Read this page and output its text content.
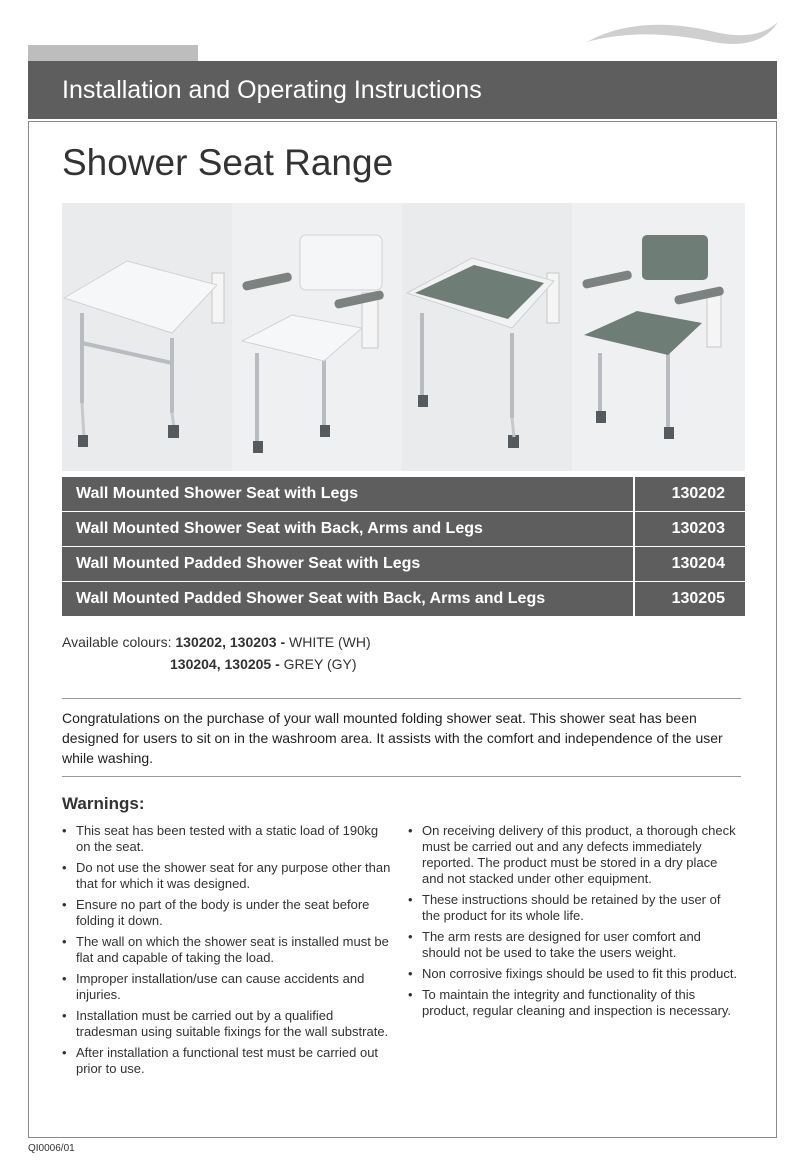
Installation and Operating Instructions
Shower Seat Range
Wall Mounted Shower Seat with Legs	130202
Wall Mounted Shower Seat with Back, Arms and Legs	130203
Wall Mounted Padded Shower Seat with Legs	130204
Wall Mounted Padded Shower Seat with Back, Arms and Legs	130205
Available colours: 130202, 130203 - WHITE (WH)
130204, 130205 - GREY (GY)
Congratulations on the purchase of your wall mounted folding shower seat. This shower seat has been designed for users to sit on in the washroom area. It assists with the comfort and independence of the user while washing.
Warnings:
• This seat has been tested with a static load of 190kg on the seat.
• Do not use the shower seat for any purpose other than that for which it was designed.
• Ensure no part of the body is under the seat before folding it down.
• The wall on which the shower seat is installed must be flat and capable of taking the load.
• Improper installation/use can cause accidents and injuries.
• Installation must be carried out by a qualified tradesman using suitable fixings for the wall substrate.
• After installation a functional test must be carried out prior to use.
• On receiving delivery of this product, a thorough check must be carried out and any defects immediately reported. The product must be stored in a dry place and not stacked under other equipment.
• These instructions should be retained by the user of the product for its whole life.
• The arm rests are designed for user comfort and should not be used to take the users weight.
• Non corrosive fixings should be used to fit this product.
• To maintain the integrity and functionality of this product, regular cleaning and inspection is necessary.
QI0006/01
